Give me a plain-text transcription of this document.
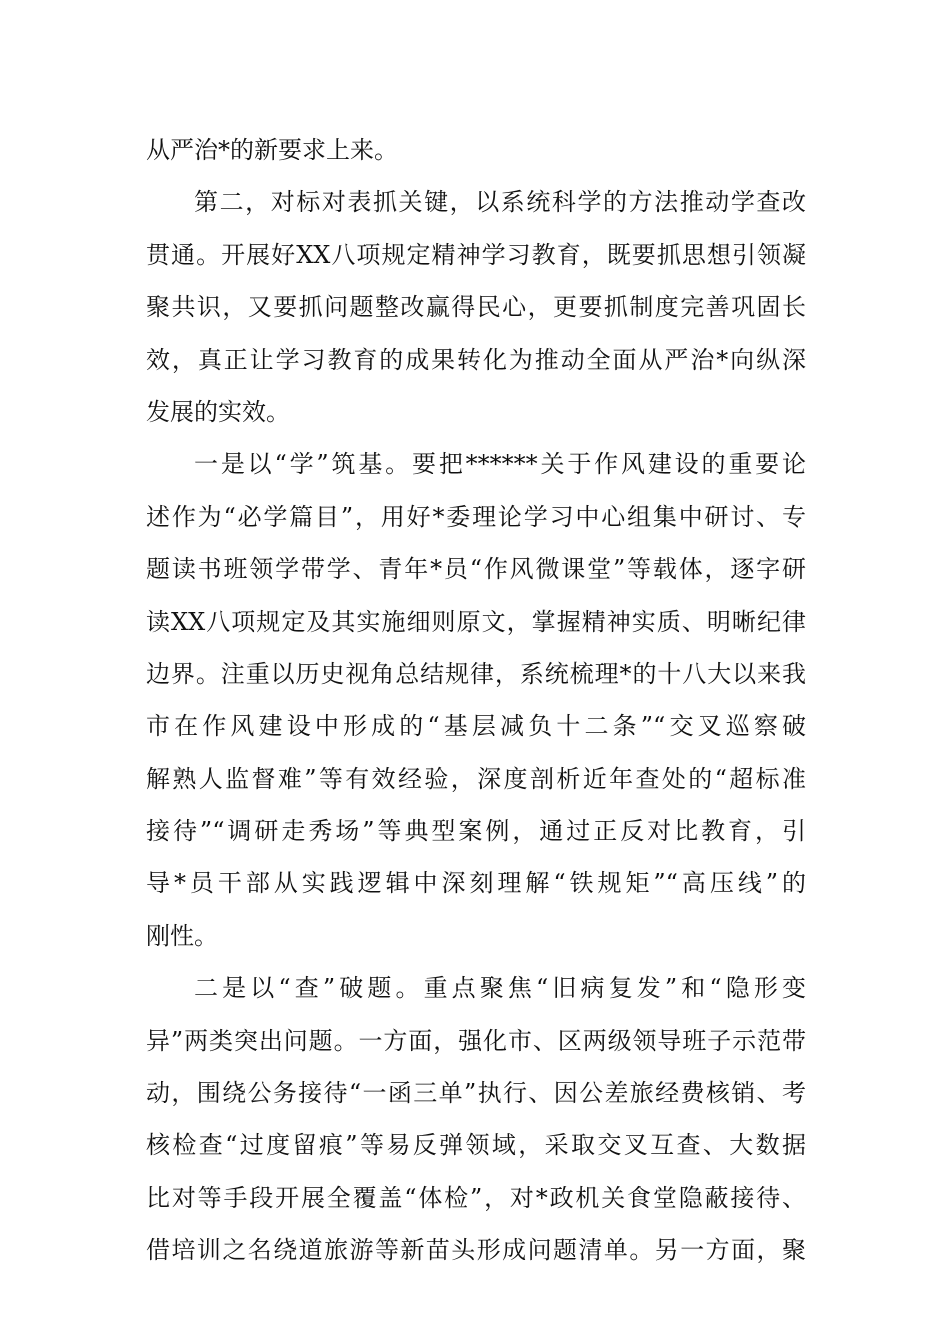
从严治*的新要求上来。
第二，对标对表抓关键，以系统科学的方法推动学查改
贯通。开展好XX八项规定精神学习教育，既要抓思想引领凝
聚共识，又要抓问题整改赢得民心，更要抓制度完善巩固长
效，真正让学习教育的成果转化为推动全面从严治*向纵深
发展的实效。
一是以“学”筑基。要把******关于作风建设的重要论
述作为“必学篇目”，用好*委理论学习中心组集中研讨、专
题读书班领学带学、青年*员“作风微课堂”等载体，逐字研
读XX八项规定及其实施细则原文，掌握精神实质、明晰纪律
边界。注重以历史视角总结规律，系统梳理*的十八大以来我
市在作风建设中形成的“基层减负十二条”“交叉巡察破
解熟人监督难”等有效经验，深度剖析近年查处的“超标准
接待”“调研走秀场”等典型案例，通过正反对比教育，引
导*员干部从实践逻辑中深刻理解“铁规矩”“高压线”的
刚性。
二是以“查”破题。重点聚焦“旧病复发”和“隐形变
异”两类突出问题。一方面，强化市、区两级领导班子示范带
动，围绕公务接待“一函三单”执行、因公差旅经费核销、考
核检查“过度留痕”等易反弹领域，采取交叉互查、大数据
比对等手段开展全覆盖“体检”，对*政机关食堂隐蔽接待、
借培训之名绕道旅游等新苗头形成问题清单。另一方面，聚
